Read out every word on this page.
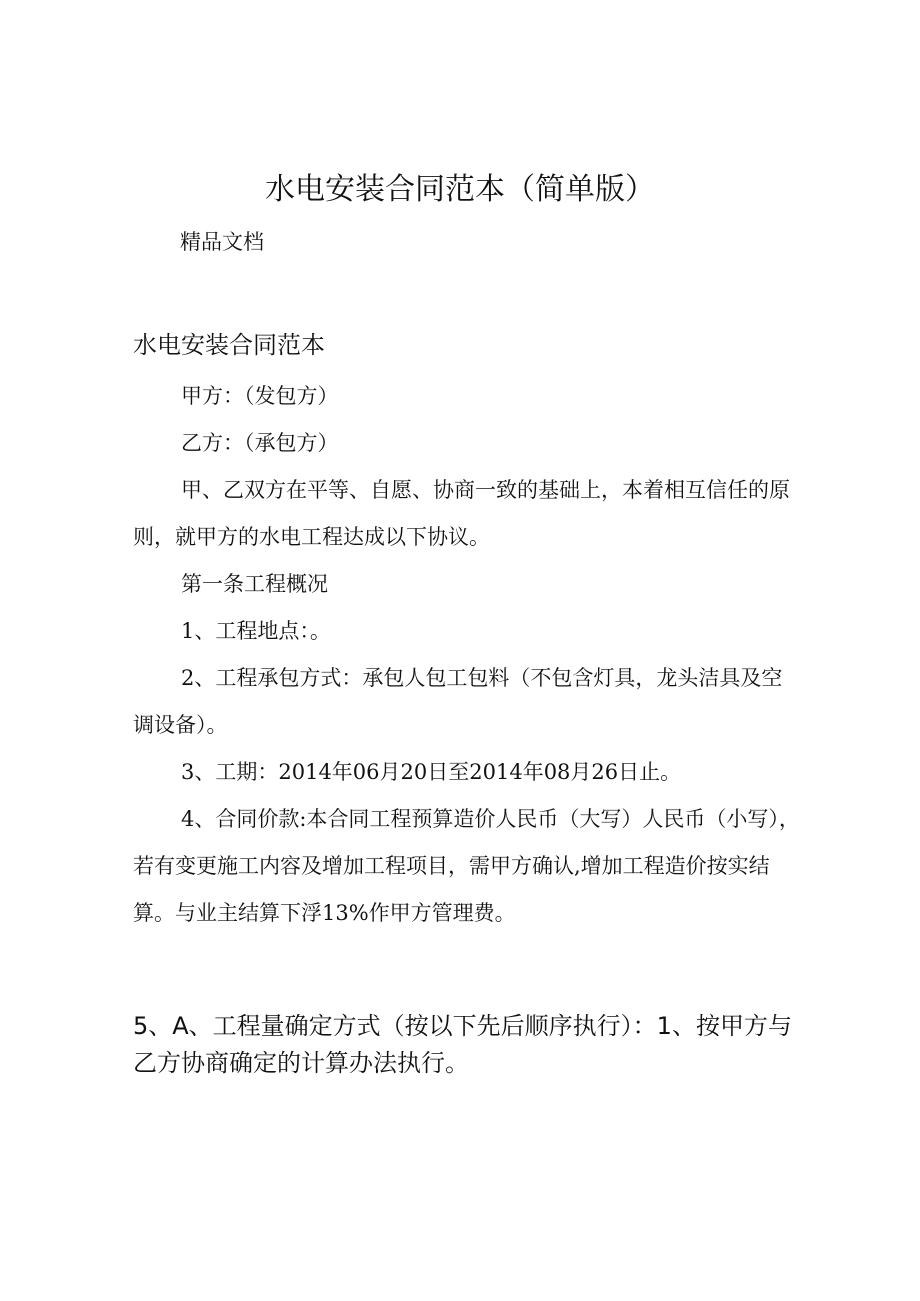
水电安装合同范本（简单版）
精品文档
水电安装合同范本

甲方：（发包方）

乙方：（承包方）

甲、乙双方在平等、自愿、协商一致的基础上，本着相互信任的原则，就甲方的水电工程达成以下协议。

第一条工程概况

1、工程地点：。

2、工程承包方式：承包人包工包料（不包含灯具，龙头洁具及空调设备）。

3、工期：2014年06月20日至2014年08月26日止。

4、合同价款:本合同工程预算造价人民币（大写）人民币（小写），若有变更施工内容及增加工程项目，需甲方确认,增加工程造价按实结算。与业主结算下浮13%作甲方管理费。

5、A、工程量确定方式（按以下先后顺序执行）：1、按甲方与乙方协商确定的计算办法执行。
